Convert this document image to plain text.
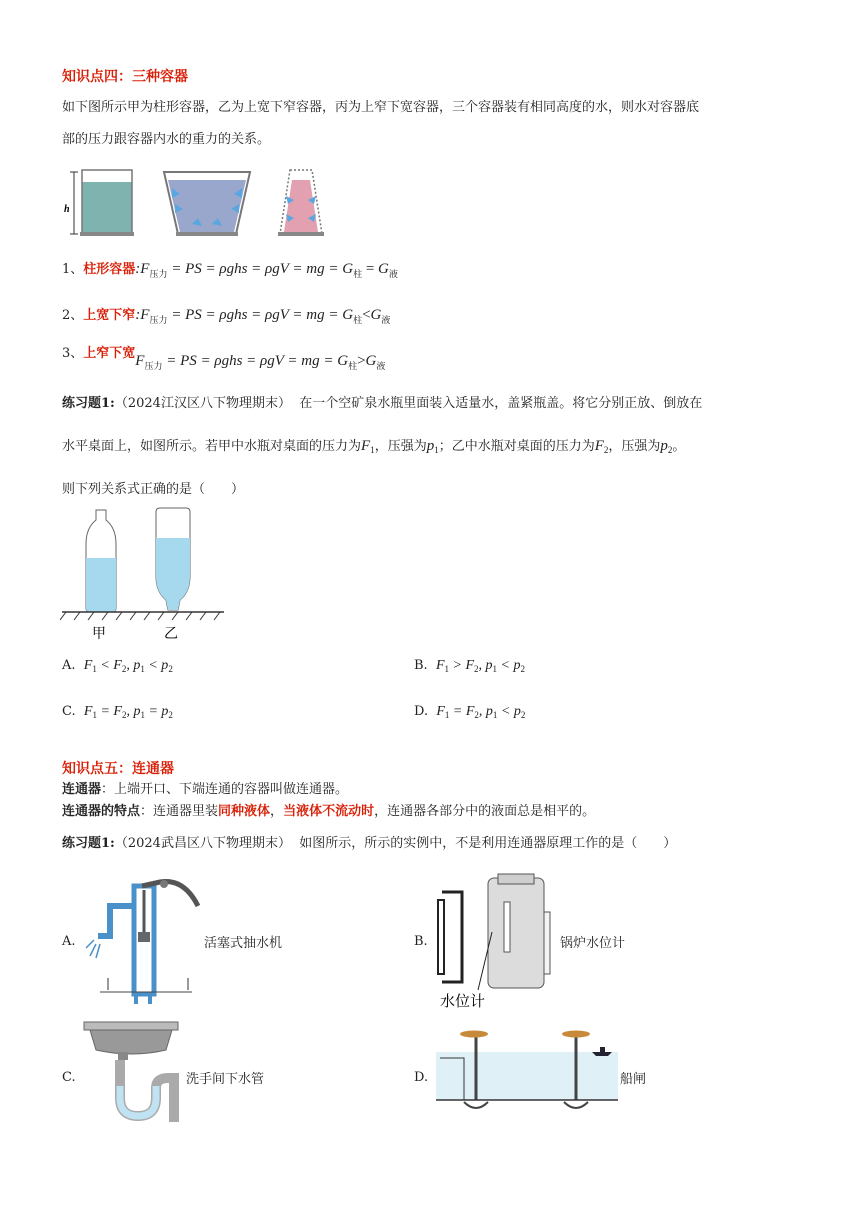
知识点四：三种容器
如下图所示甲为柱形容器，乙为上宽下窄容器，丙为上窄下宽容器，三个容器装有相同高度的水，则水对容器底
部的压力跟容器内水的重力的关系。
h
1、柱形容器$:F_{压力}$ = PS = ρghs = ρgV = mg = $G_柱 = G_液$
2、上宽下窄$:F_{压力}$ = PS = ρghs = ρgV = mg = $G_柱<G_液$
3、上窄下宽$F_{压力}$ = PS = ρghs = ρgV = mg = $G_柱>G_液$
练习题1:（2024江汉区八下物理期末） 在一个空矿泉水瓶里面装入适量水，盖紧瓶盖。将它分别正放、倒放在
水平桌面上，如图所示。若甲中水瓶对桌面的压力为$F_1$，压强为$p_1$；乙中水瓶对桌面的压力为$F_2$，压强为$p_2$。
则下列关系式正确的是（　　）
甲	乙
A. $F_1 < F_2$, $p_1 < p_2$	B. $F_1 > F_2$, $p_1 < p_2$
C. $F_1 = F_2$, $p_1 = p_2$	D. $F_1 = F_2$, $p_1 < p_2$
知识点五：连通器
连通器：上端开口、下端连通的容器叫做连通器。
连通器的特点：连通器里装同种液体，当液体不流动时，连通器各部分中的液面总是相平的。
练习题1:（2024武昌区八下物理期末） 如图所示，所示的实例中，不是利用连通器原理工作的是（　　）
A.	活塞式抽水机	B.
水位计
锅炉水位计
C.	洗手间下水管	D.	船闸
